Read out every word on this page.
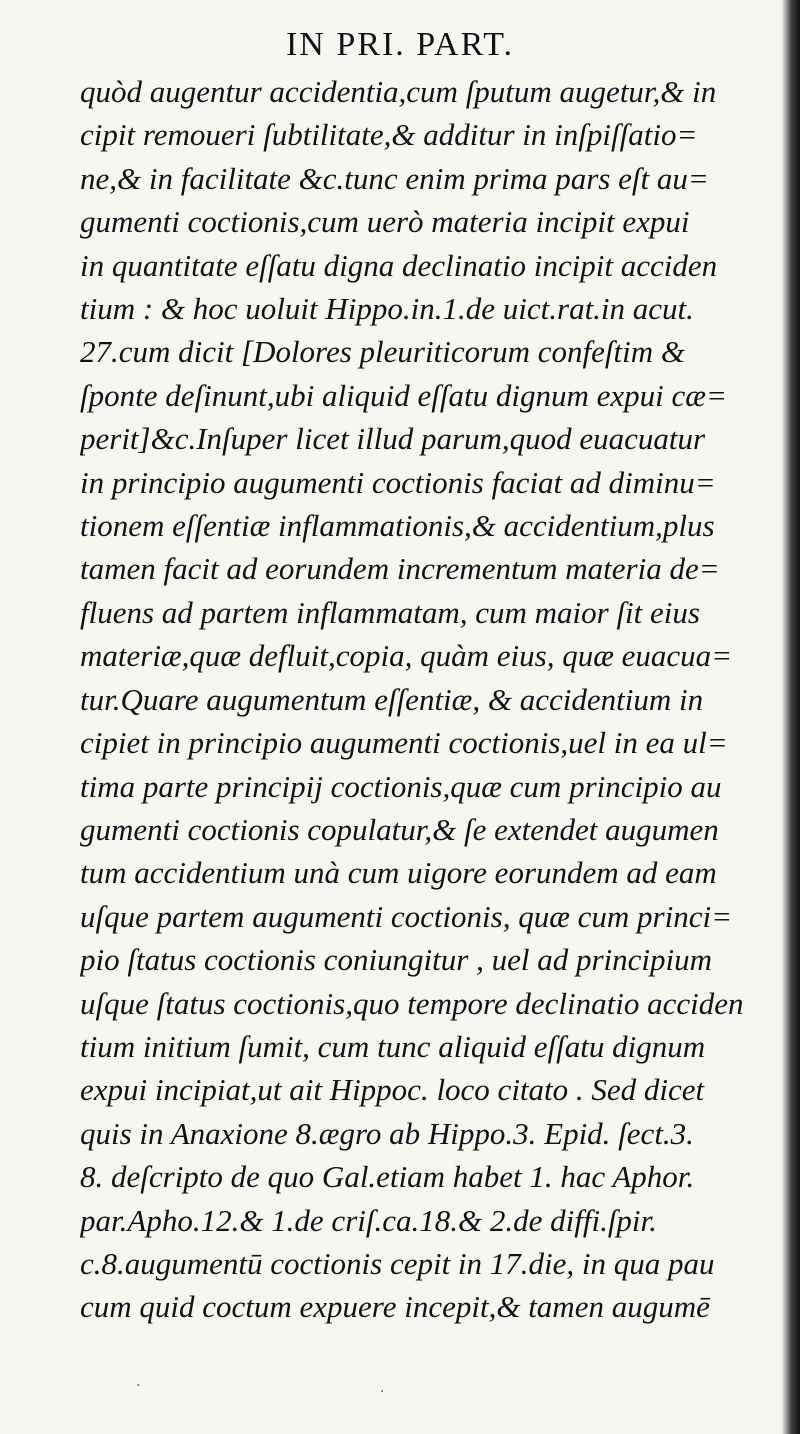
IN PRI. PART.
quòd augentur accidentia,cum ſputum augetur,& in
cipit remoueri ſubtilitate,& additur in inſpiſſatio=
ne,& in facilitate &c.tunc enim prima pars eſt au=
gumenti coctionis,cum uerò materia incipit expui
in quantitate eſſatu digna declinatio incipit acciden
tium : & hoc uoluit Hippo.in.1.de uict.rat.in acut.
27.cum dicit [Dolores pleuriticorum confeſtim &
ſponte deſinunt,ubi aliquid eſſatu dignum expui cæ=
perit]&c.Inſuper licet illud parum,quod euacuatur
in principio augumenti coctionis faciat ad diminu=
tionem eſſentiæ inflammationis,& accidentium,plus
tamen facit ad eorundem incrementum materia de=
fluens ad partem inflammatam, cum maior ſit eius
materiæ,quæ defluit,copia, quàm eius, quæ euacua=
tur.Quare augumentum eſſentiæ, & accidentium in
cipiet in principio augumenti coctionis,uel in ea ul=
tima parte principij coctionis,quæ cum principio au
gumenti coctionis copulatur,& ſe extendet augumen
tum accidentium unà cum uigore eorundem ad eam
uſque partem augumenti coctionis, quæ cum princi=
pio ſtatus coctionis coniungitur , uel ad principium
uſque ſtatus coctionis,quo tempore declinatio acciden
tium initium ſumit, cum tunc aliquid eſſatu dignum
expui incipiat,ut ait Hippoc. loco citato . Sed dicet
quis in Anaxione 8.ægro ab Hippo.3. Epid. ſect.3.
8. deſcripto de quo Gal.etiam habet 1. hac Aphor.
par.Apho.12.& 1.de criſ.ca.18.& 2.de diffi.ſpir.
c.8.augumentū coctionis cepit in 17.die, in qua pau
cum quid coctum expuere incepit,& tamen augumē
·	·
